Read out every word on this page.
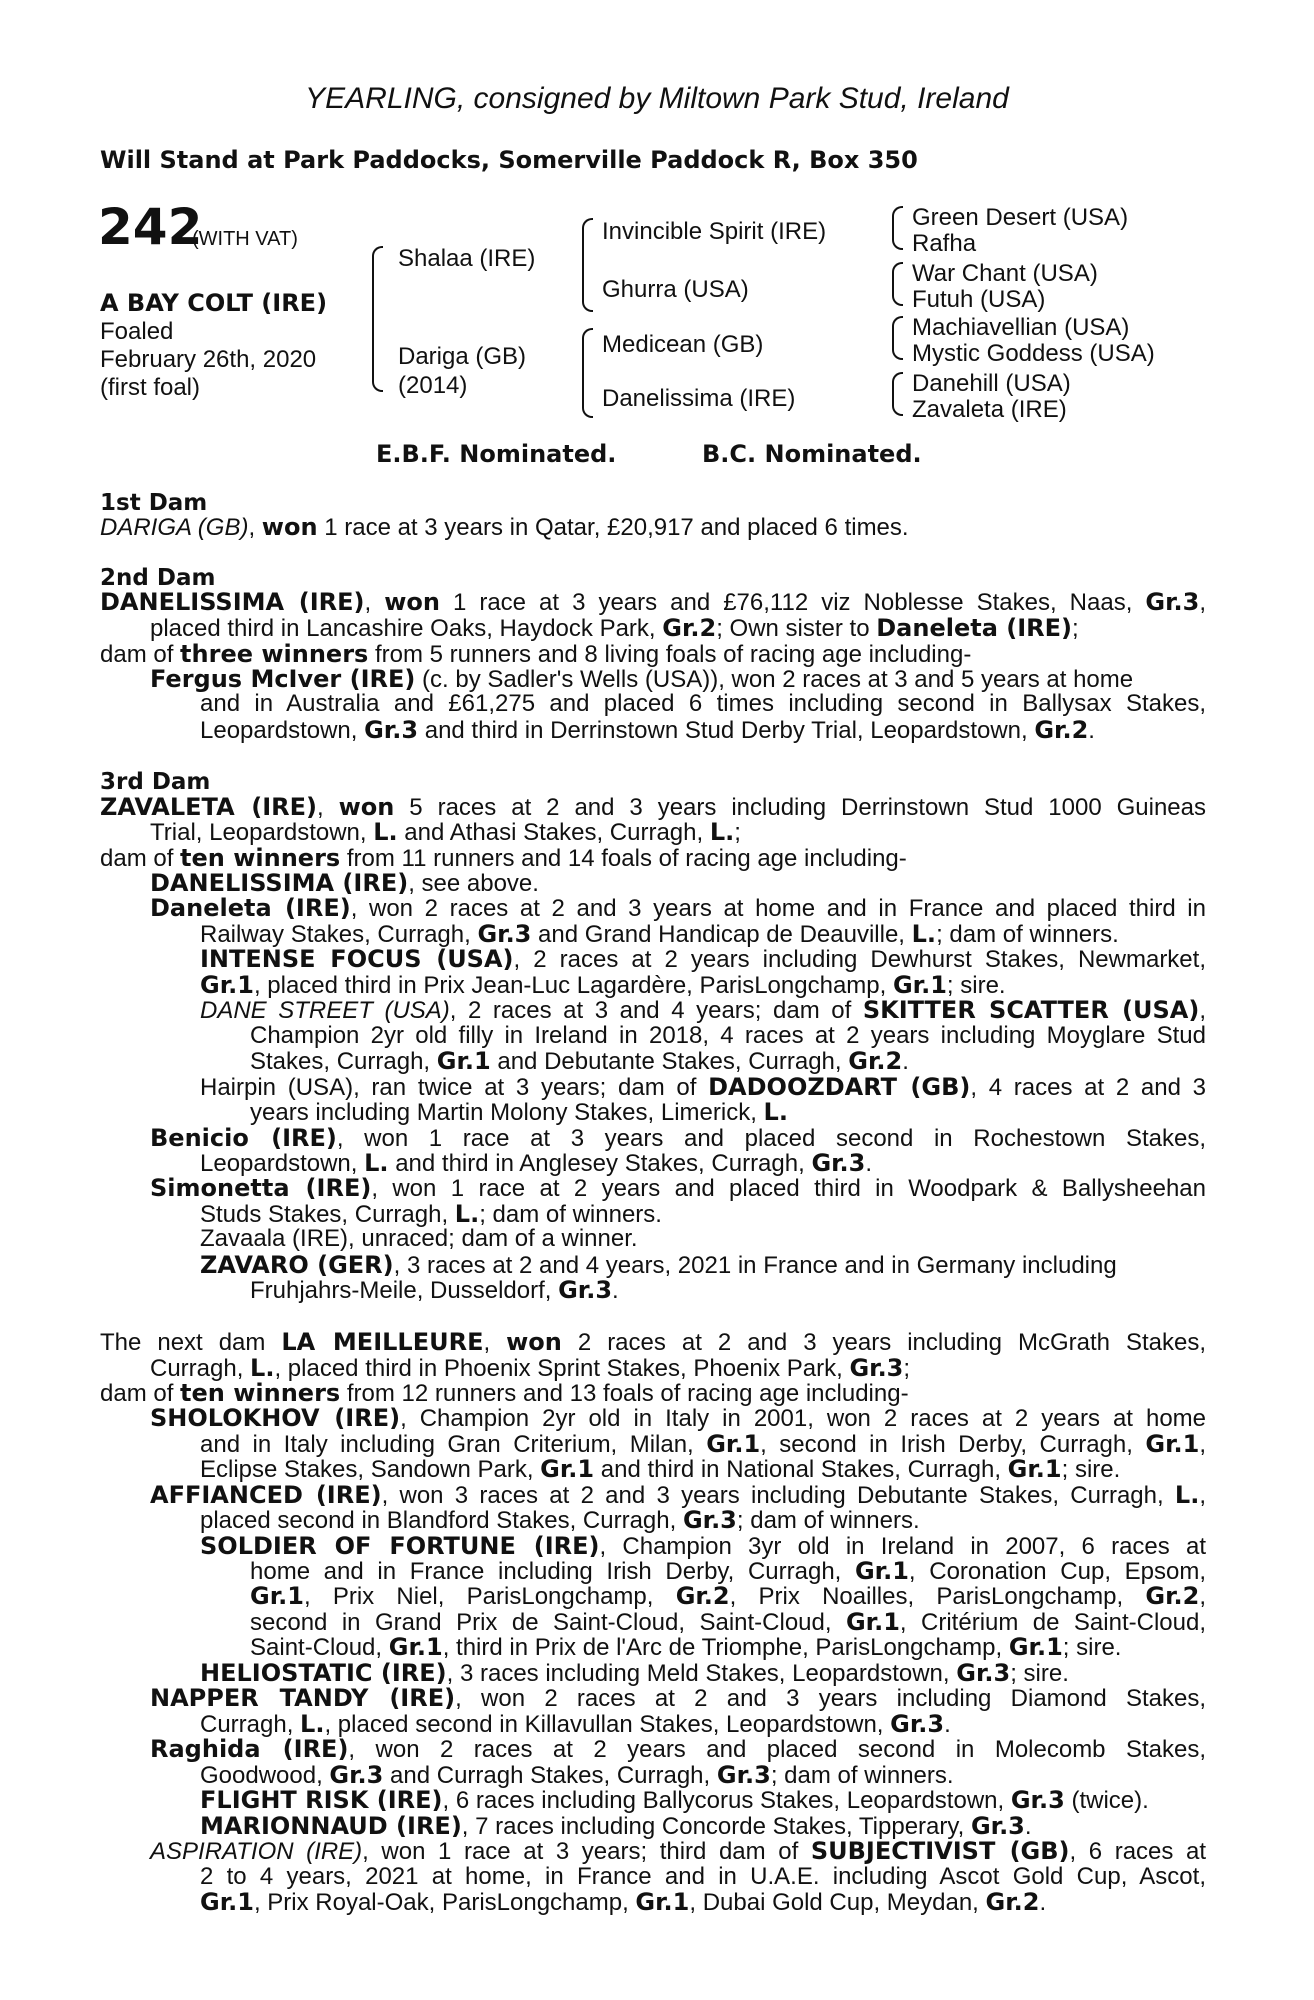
YEARLING, consigned by Miltown Park Stud, Ireland
Will Stand at Park Paddocks, Somerville Paddock R, Box 350
242
(WITH VAT)
A BAY COLT (IRE)
Foaled
February 26th, 2020
(first foal)
Shalaa (IRE)
Dariga (GB)
(2014)
Invincible Spirit (IRE)
Ghurra (USA)
Medicean (GB)
Danelissima (IRE)
Green Desert (USA)
Rafha
War Chant (USA)
Futuh (USA)
Machiavellian (USA)
Mystic Goddess (USA)
Danehill (USA)
Zavaleta (IRE)
E.B.F. Nominated.	B.C. Nominated.
1st Dam
2nd Dam
3rd Dam
DARIGA (GB), won 1 race at 3 years in Qatar, £20,917 and placed 6 times.
DANELISSIMA (IRE), won 1 race at 3 years and £76,112 viz Noblesse Stakes, Naas, Gr.3,
placed third in Lancashire Oaks, Haydock Park, Gr.2; Own sister to Daneleta (IRE);
dam of three winners from 5 runners and 8 living foals of racing age including-
Fergus McIver (IRE) (c. by Sadler's Wells (USA)), won 2 races at 3 and 5 years at home
and in Australia and £61,275 and placed 6 times including second in Ballysax Stakes,
Leopardstown, Gr.3 and third in Derrinstown Stud Derby Trial, Leopardstown, Gr.2.
ZAVALETA (IRE), won 5 races at 2 and 3 years including Derrinstown Stud 1000 Guineas
Trial, Leopardstown, L. and Athasi Stakes, Curragh, L.;
dam of ten winners from 11 runners and 14 foals of racing age including-
DANELISSIMA (IRE), see above.
Daneleta (IRE), won 2 races at 2 and 3 years at home and in France and placed third in
Railway Stakes, Curragh, Gr.3 and Grand Handicap de Deauville, L.; dam of winners.
INTENSE FOCUS (USA), 2 races at 2 years including Dewhurst Stakes, Newmarket,
Gr.1, placed third in Prix Jean-Luc Lagardère, ParisLongchamp, Gr.1; sire.
DANE STREET (USA), 2 races at 3 and 4 years; dam of SKITTER SCATTER (USA),
Champion 2yr old filly in Ireland in 2018, 4 races at 2 years including Moyglare Stud
Stakes, Curragh, Gr.1 and Debutante Stakes, Curragh, Gr.2.
Hairpin (USA), ran twice at 3 years; dam of DADOOZDART (GB), 4 races at 2 and 3
years including Martin Molony Stakes, Limerick, L.
Benicio (IRE), won 1 race at 3 years and placed second in Rochestown Stakes,
Leopardstown, L. and third in Anglesey Stakes, Curragh, Gr.3.
Simonetta (IRE), won 1 race at 2 years and placed third in Woodpark & Ballysheehan
Studs Stakes, Curragh, L.; dam of winners.
Zavaala (IRE), unraced; dam of a winner.
ZAVARO (GER), 3 races at 2 and 4 years, 2021 in France and in Germany including
Fruhjahrs-Meile, Dusseldorf, Gr.3.
The next dam LA MEILLEURE, won 2 races at 2 and 3 years including McGrath Stakes,
Curragh, L., placed third in Phoenix Sprint Stakes, Phoenix Park, Gr.3;
dam of ten winners from 12 runners and 13 foals of racing age including-
SHOLOKHOV (IRE), Champion 2yr old in Italy in 2001, won 2 races at 2 years at home
and in Italy including Gran Criterium, Milan, Gr.1, second in Irish Derby, Curragh, Gr.1,
Eclipse Stakes, Sandown Park, Gr.1 and third in National Stakes, Curragh, Gr.1; sire.
AFFIANCED (IRE), won 3 races at 2 and 3 years including Debutante Stakes, Curragh, L.,
placed second in Blandford Stakes, Curragh, Gr.3; dam of winners.
SOLDIER OF FORTUNE (IRE), Champion 3yr old in Ireland in 2007, 6 races at
home and in France including Irish Derby, Curragh, Gr.1, Coronation Cup, Epsom,
Gr.1, Prix Niel, ParisLongchamp, Gr.2, Prix Noailles, ParisLongchamp, Gr.2,
second in Grand Prix de Saint-Cloud, Saint-Cloud, Gr.1, Critérium de Saint-Cloud,
Saint-Cloud, Gr.1, third in Prix de l'Arc de Triomphe, ParisLongchamp, Gr.1; sire.
HELIOSTATIC (IRE), 3 races including Meld Stakes, Leopardstown, Gr.3; sire.
NAPPER TANDY (IRE), won 2 races at 2 and 3 years including Diamond Stakes,
Curragh, L., placed second in Killavullan Stakes, Leopardstown, Gr.3.
Raghida (IRE), won 2 races at 2 years and placed second in Molecomb Stakes,
Goodwood, Gr.3 and Curragh Stakes, Curragh, Gr.3; dam of winners.
FLIGHT RISK (IRE), 6 races including Ballycorus Stakes, Leopardstown, Gr.3 (twice).
MARIONNAUD (IRE), 7 races including Concorde Stakes, Tipperary, Gr.3.
ASPIRATION (IRE), won 1 race at 3 years; third dam of SUBJECTIVIST (GB), 6 races at
2 to 4 years, 2021 at home, in France and in U.A.E. including Ascot Gold Cup, Ascot,
Gr.1, Prix Royal-Oak, ParisLongchamp, Gr.1, Dubai Gold Cup, Meydan, Gr.2.
